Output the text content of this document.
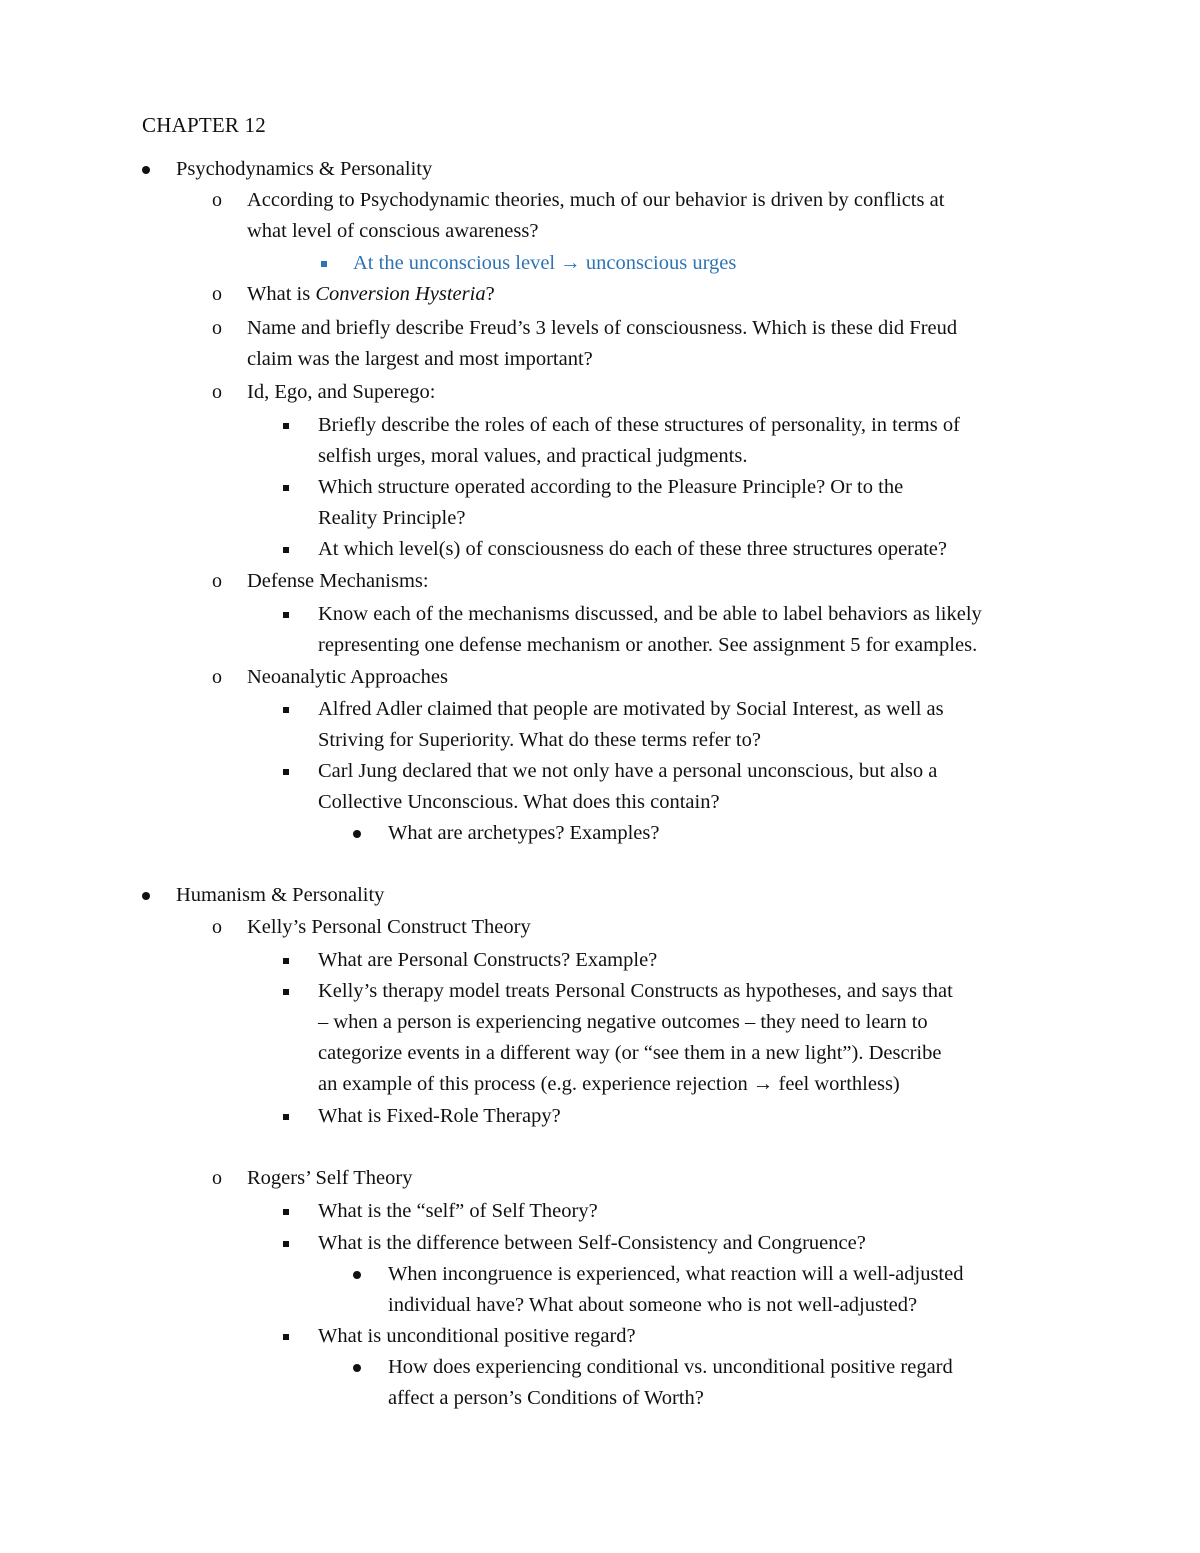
CHAPTER 12
Psychodynamics & Personality
o According to Psychodynamic theories, much of our behavior is driven by conflicts at
what level of conscious awareness?
At the unconscious level → unconscious urges
o What is Conversion Hysteria?
o Name and briefly describe Freud’s 3 levels of consciousness. Which is these did Freud
claim was the largest and most important?
o Id, Ego, and Superego:
Briefly describe the roles of each of these structures of personality, in terms of
selfish urges, moral values, and practical judgments.
Which structure operated according to the Pleasure Principle? Or to the
Reality Principle?
At which level(s) of consciousness do each of these three structures operate?
o Defense Mechanisms:
Know each of the mechanisms discussed, and be able to label behaviors as likely
representing one defense mechanism or another. See assignment 5 for examples.
o Neoanalytic Approaches
Alfred Adler claimed that people are motivated by Social Interest, as well as
Striving for Superiority. What do these terms refer to?
Carl Jung declared that we not only have a personal unconscious, but also a
Collective Unconscious. What does this contain?
What are archetypes? Examples?
Humanism & Personality
o Kelly’s Personal Construct Theory
What are Personal Constructs? Example?
Kelly’s therapy model treats Personal Constructs as hypotheses, and says that
– when a person is experiencing negative outcomes – they need to learn to
categorize events in a different way (or “see them in a new light”). Describe
an example of this process (e.g. experience rejection → feel worthless)
What is Fixed-Role Therapy?
o Rogers’ Self Theory
What is the “self” of Self Theory?
What is the difference between Self-Consistency and Congruence?
When incongruence is experienced, what reaction will a well-adjusted
individual have? What about someone who is not well-adjusted?
What is unconditional positive regard?
How does experiencing conditional vs. unconditional positive regard
affect a person’s Conditions of Worth?
